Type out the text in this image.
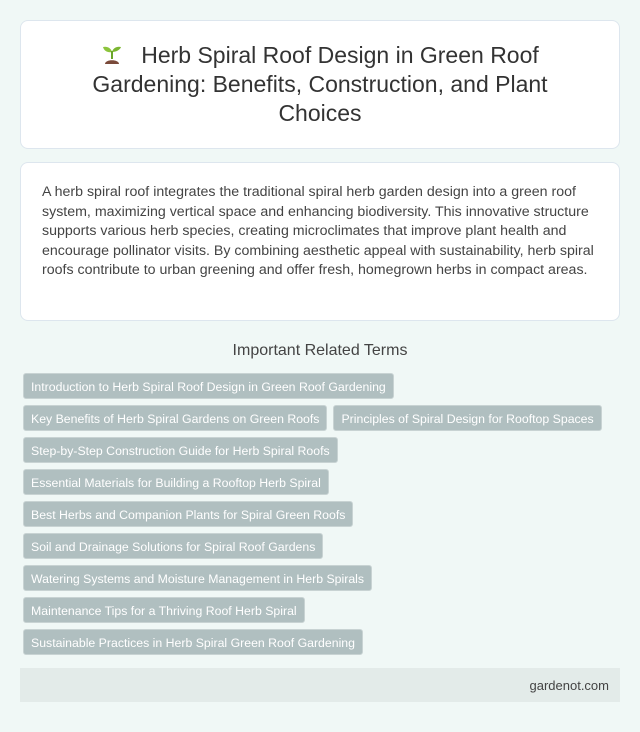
Herb Spiral Roof Design in Green Roof Gardening: Benefits, Construction, and Plant Choices

A herb spiral roof integrates the traditional spiral herb garden design into a green roof system, maximizing vertical space and enhancing biodiversity. This innovative structure supports various herb species, creating microclimates that improve plant health and encourage pollinator visits. By combining aesthetic appeal with sustainability, herb spiral roofs contribute to urban greening and offer fresh, homegrown herbs in compact areas.

Important Related Terms
Introduction to Herb Spiral Roof Design in Green Roof Gardening
Key Benefits of Herb Spiral Gardens on Green Roofs	Principles of Spiral Design for Rooftop Spaces
Step-by-Step Construction Guide for Herb Spiral Roofs
Essential Materials for Building a Rooftop Herb Spiral
Best Herbs and Companion Plants for Spiral Green Roofs
Soil and Drainage Solutions for Spiral Roof Gardens
Watering Systems and Moisture Management in Herb Spirals
Maintenance Tips for a Thriving Roof Herb Spiral
Sustainable Practices in Herb Spiral Green Roof Gardening
gardenot.com
